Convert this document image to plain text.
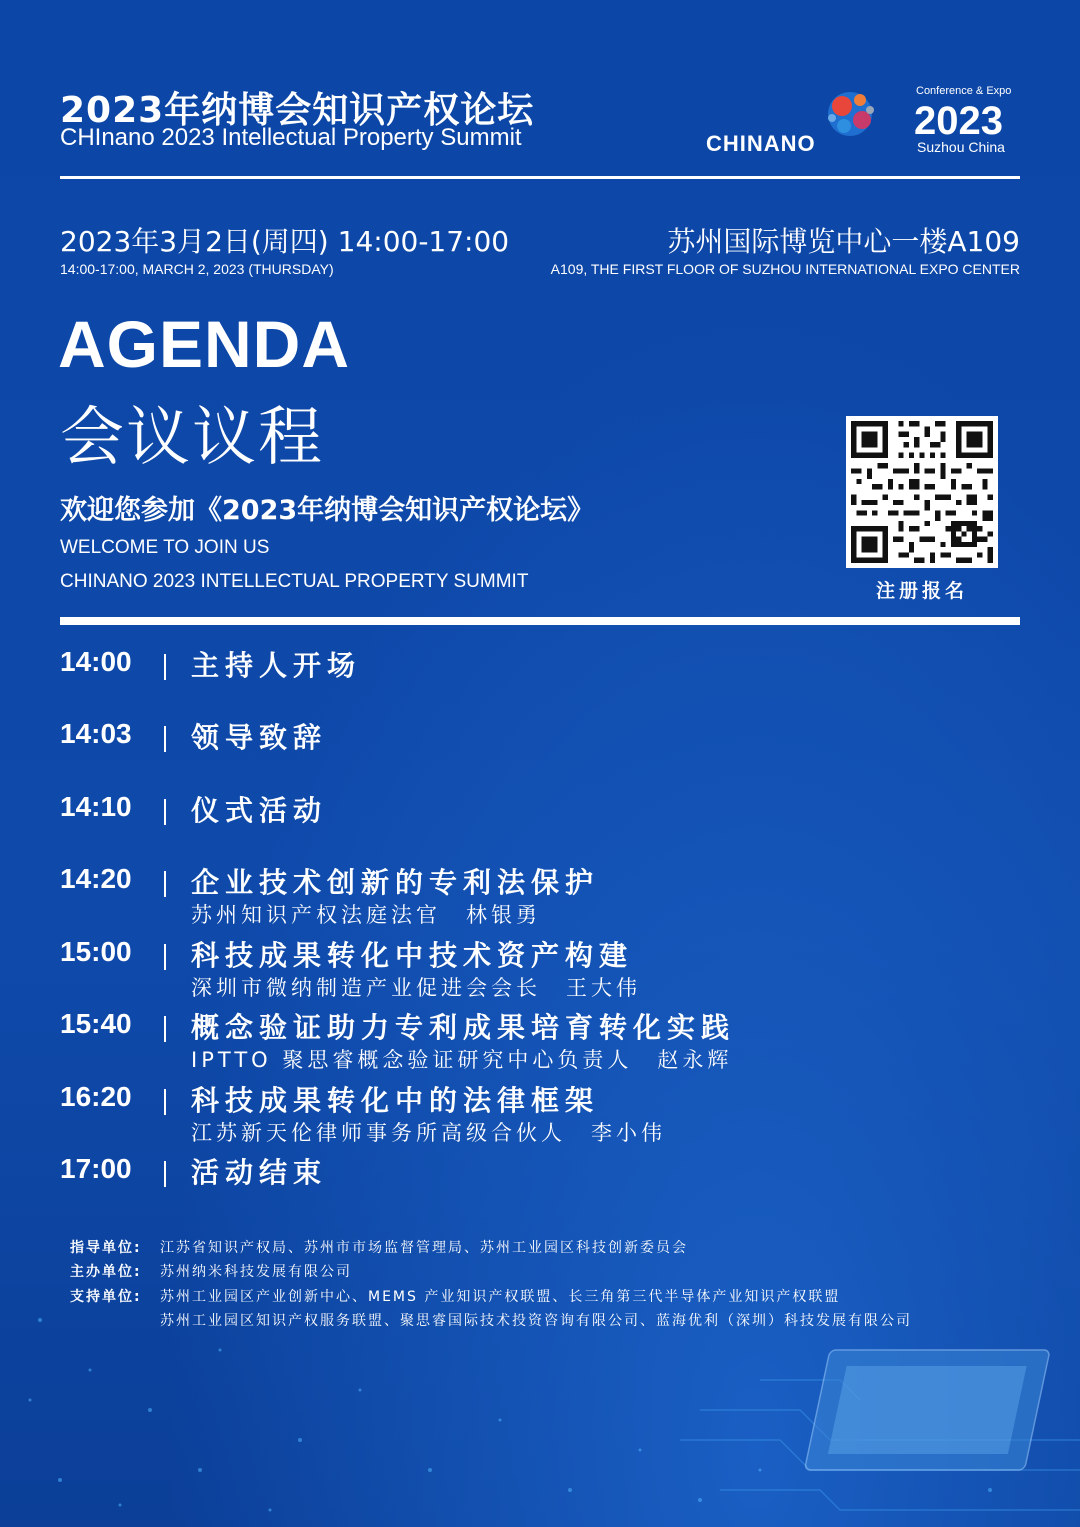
2023年纳博会知识产权论坛
CHInano 2023 Intellectual Property Summit	CHINANO
Conference & Expo
2023
Suzhou China
2023年3月2日(周四) 14:00-17:00
14:00-17:00, MARCH 2, 2023 (THURSDAY)
苏州国际博览中心一楼A109
A109, THE FIRST FLOOR OF SUZHOU INTERNATIONAL EXPO CENTER
AGENDA
会议议程
欢迎您参加《2023年纳博会知识产权论坛》
WELCOME TO JOIN US
CHINANO 2023 INTELLECTUAL PROPERTY SUMMIT	注册报名
14:00 主持人开场
14:03 领导致辞
14:10 仪式活动
14:20 企业技术创新的专利法保护
苏州知识产权法庭法官　林银勇
15:00 科技成果转化中技术资产构建
深圳市微纳制造产业促进会会长　王大伟
15:40 概念验证助力专利成果培育转化实践
IPTTO 聚思睿概念验证研究中心负责人　赵永辉
16:20 科技成果转化中的法律框架
江苏新天伦律师事务所高级合伙人　李小伟
17:00 活动结束
指导单位: 江苏省知识产权局、苏州市市场监督管理局、苏州工业园区科技创新委员会
主办单位: 苏州纳米科技发展有限公司
支持单位: 苏州工业园区产业创新中心、MEMS 产业知识产权联盟、长三角第三代半导体产业知识产权联盟
苏州工业园区知识产权服务联盟、聚思睿国际技术投资咨询有限公司、蓝海优利（深圳）科技发展有限公司
